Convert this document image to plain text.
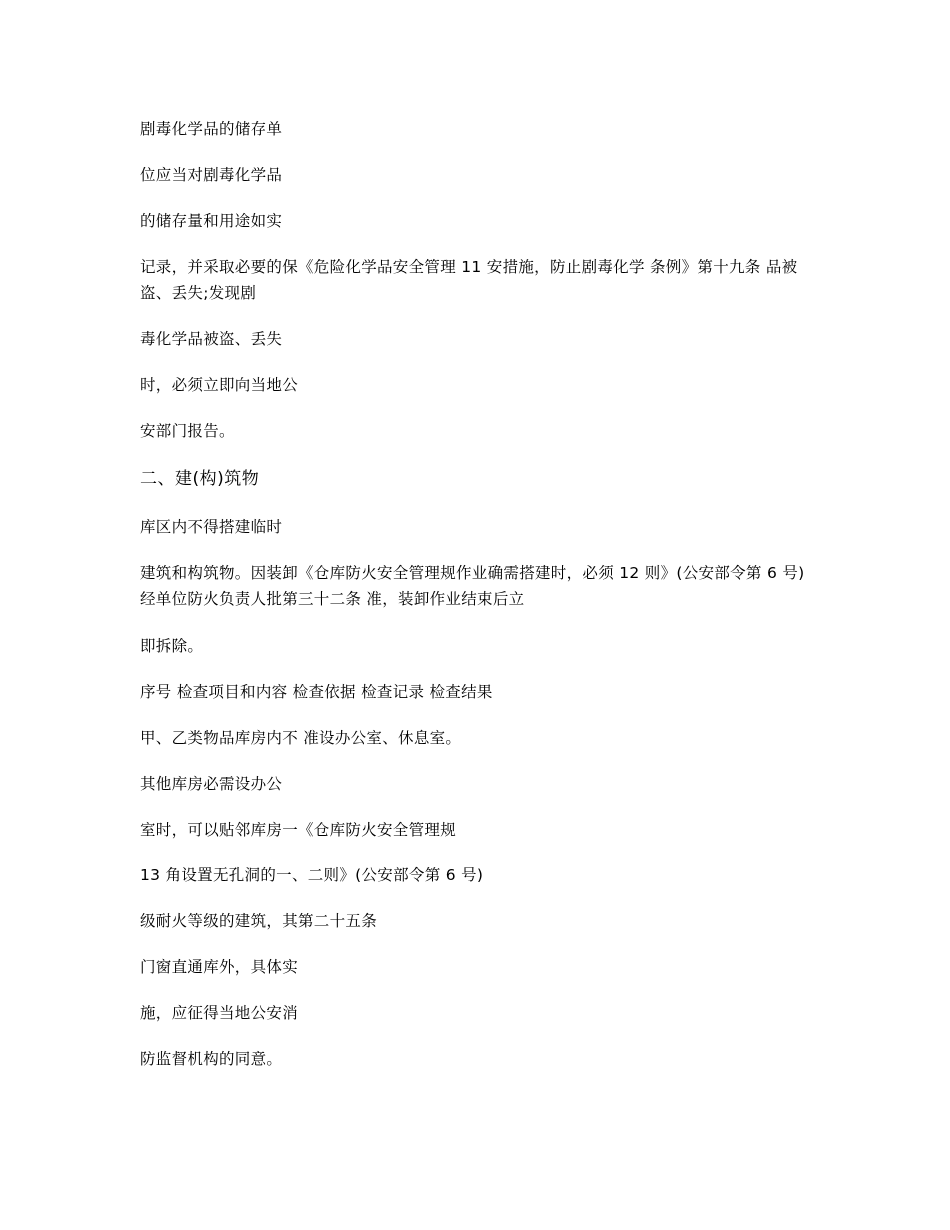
剧毒化学品的储存单
位应当对剧毒化学品
的储存量和用途如实
记录，并采取必要的保《危险化学品安全管理 11 安措施，防止剧毒化学 条例》第十九条 品被盗、丢失;发现剧
毒化学品被盗、丢失
时，必须立即向当地公
安部门报告。
二、建(构)筑物
库区内不得搭建临时
建筑和构筑物。因装卸《仓库防火安全管理规作业确需搭建时，必须 12 则》(公安部令第 6 号) 经单位防火负责人批第三十二条 准，装卸作业结束后立
即拆除。
序号 检查项目和内容 检查依据 检查记录 检查结果
甲、乙类物品库房内不 准设办公室、休息室。
其他库房必需设办公
室时，可以贴邻库房一《仓库防火安全管理规
13 角设置无孔洞的一、二则》(公安部令第 6 号)
级耐火等级的建筑，其第二十五条
门窗直通库外，具体实
施，应征得当地公安消
防监督机构的同意。
